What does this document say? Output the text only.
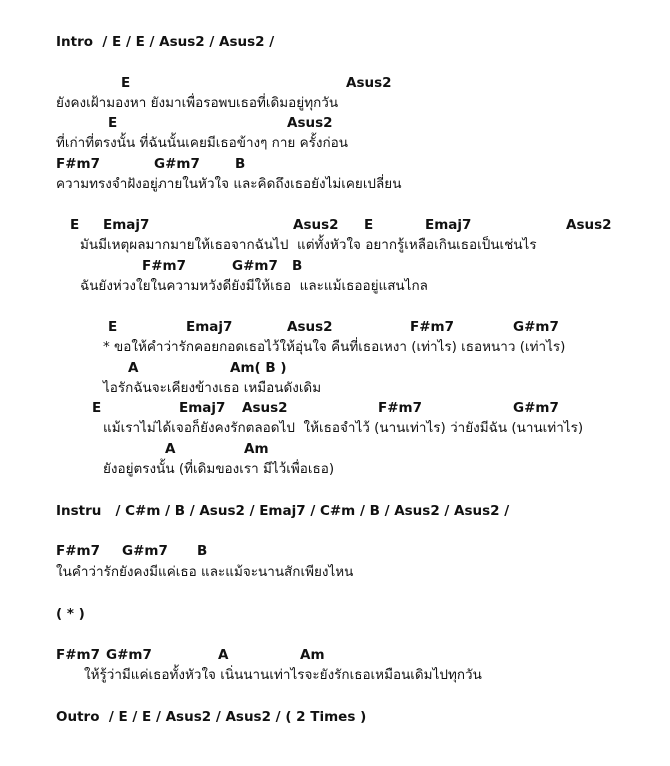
Intro  / E / E / Asus2 / Asus2 /
E	Asus2
ยังคงเฝ้ามองหา ยังมาเพื่อรอพบเธอที่เดิมอยู่ทุกวัน
E	Asus2
ที่เก่าที่ตรงนั้น ที่ฉันนั้นเคยมีเธอข้างๆ กาย ครั้งก่อน
F#m7	G#m7	B
ความทรงจำฝังอยู่ภายในหัวใจ และคิดถึงเธอยังไม่เคยเปลี่ยน
E Emaj7	Asus2 E	Emaj7	Asus2
มันมีเหตุผลมากมายให้เธอจากฉันไป  แต่ทั้งหัวใจ อยากรู้เหลือเกินเธอเป็นเช่นไร
F#m7	G#m7 B
ฉันยังห่วงใยในความหวังดียังมีให้เธอ  และแม้เธออยู่แสนไกล
E	Emaj7	Asus2	F#m7	G#m7
* ขอให้คำว่ารักคอยกอดเธอไว้ให้อุ่นใจ คืนที่เธอเหงา (เท่าไร) เธอหนาว (เท่าไร)
A	Am( B )
ไอรักฉันจะเคียงข้างเธอ เหมือนดังเดิม
E	Emaj7 Asus2	F#m7	G#m7
แม้เราไม่ได้เจอก็ยังคงรักตลอดไป  ให้เธอจำไว้ (นานเท่าไร) ว่ายังมีฉัน (นานเท่าไร)
A	Am
ยังอยู่ตรงนั้น (ที่เดิมของเรา มีไว้เพื่อเธอ)
Instru   / C#m / B / Asus2 / Emaj7 / C#m / B / Asus2 / Asus2 /
F#m7 G#m7 B
ในคำว่ารักยังคงมีแค่เธอ และแม้จะนานสักเพียงไหน
( * )
F#m7 G#m7	A	Am
ให้รู้ว่ามีแค่เธอทั้งหัวใจ เนิ่นนานเท่าไรจะยังรักเธอเหมือนเดิมไปทุกวัน
Outro  / E / E / Asus2 / Asus2 / ( 2 Times )
